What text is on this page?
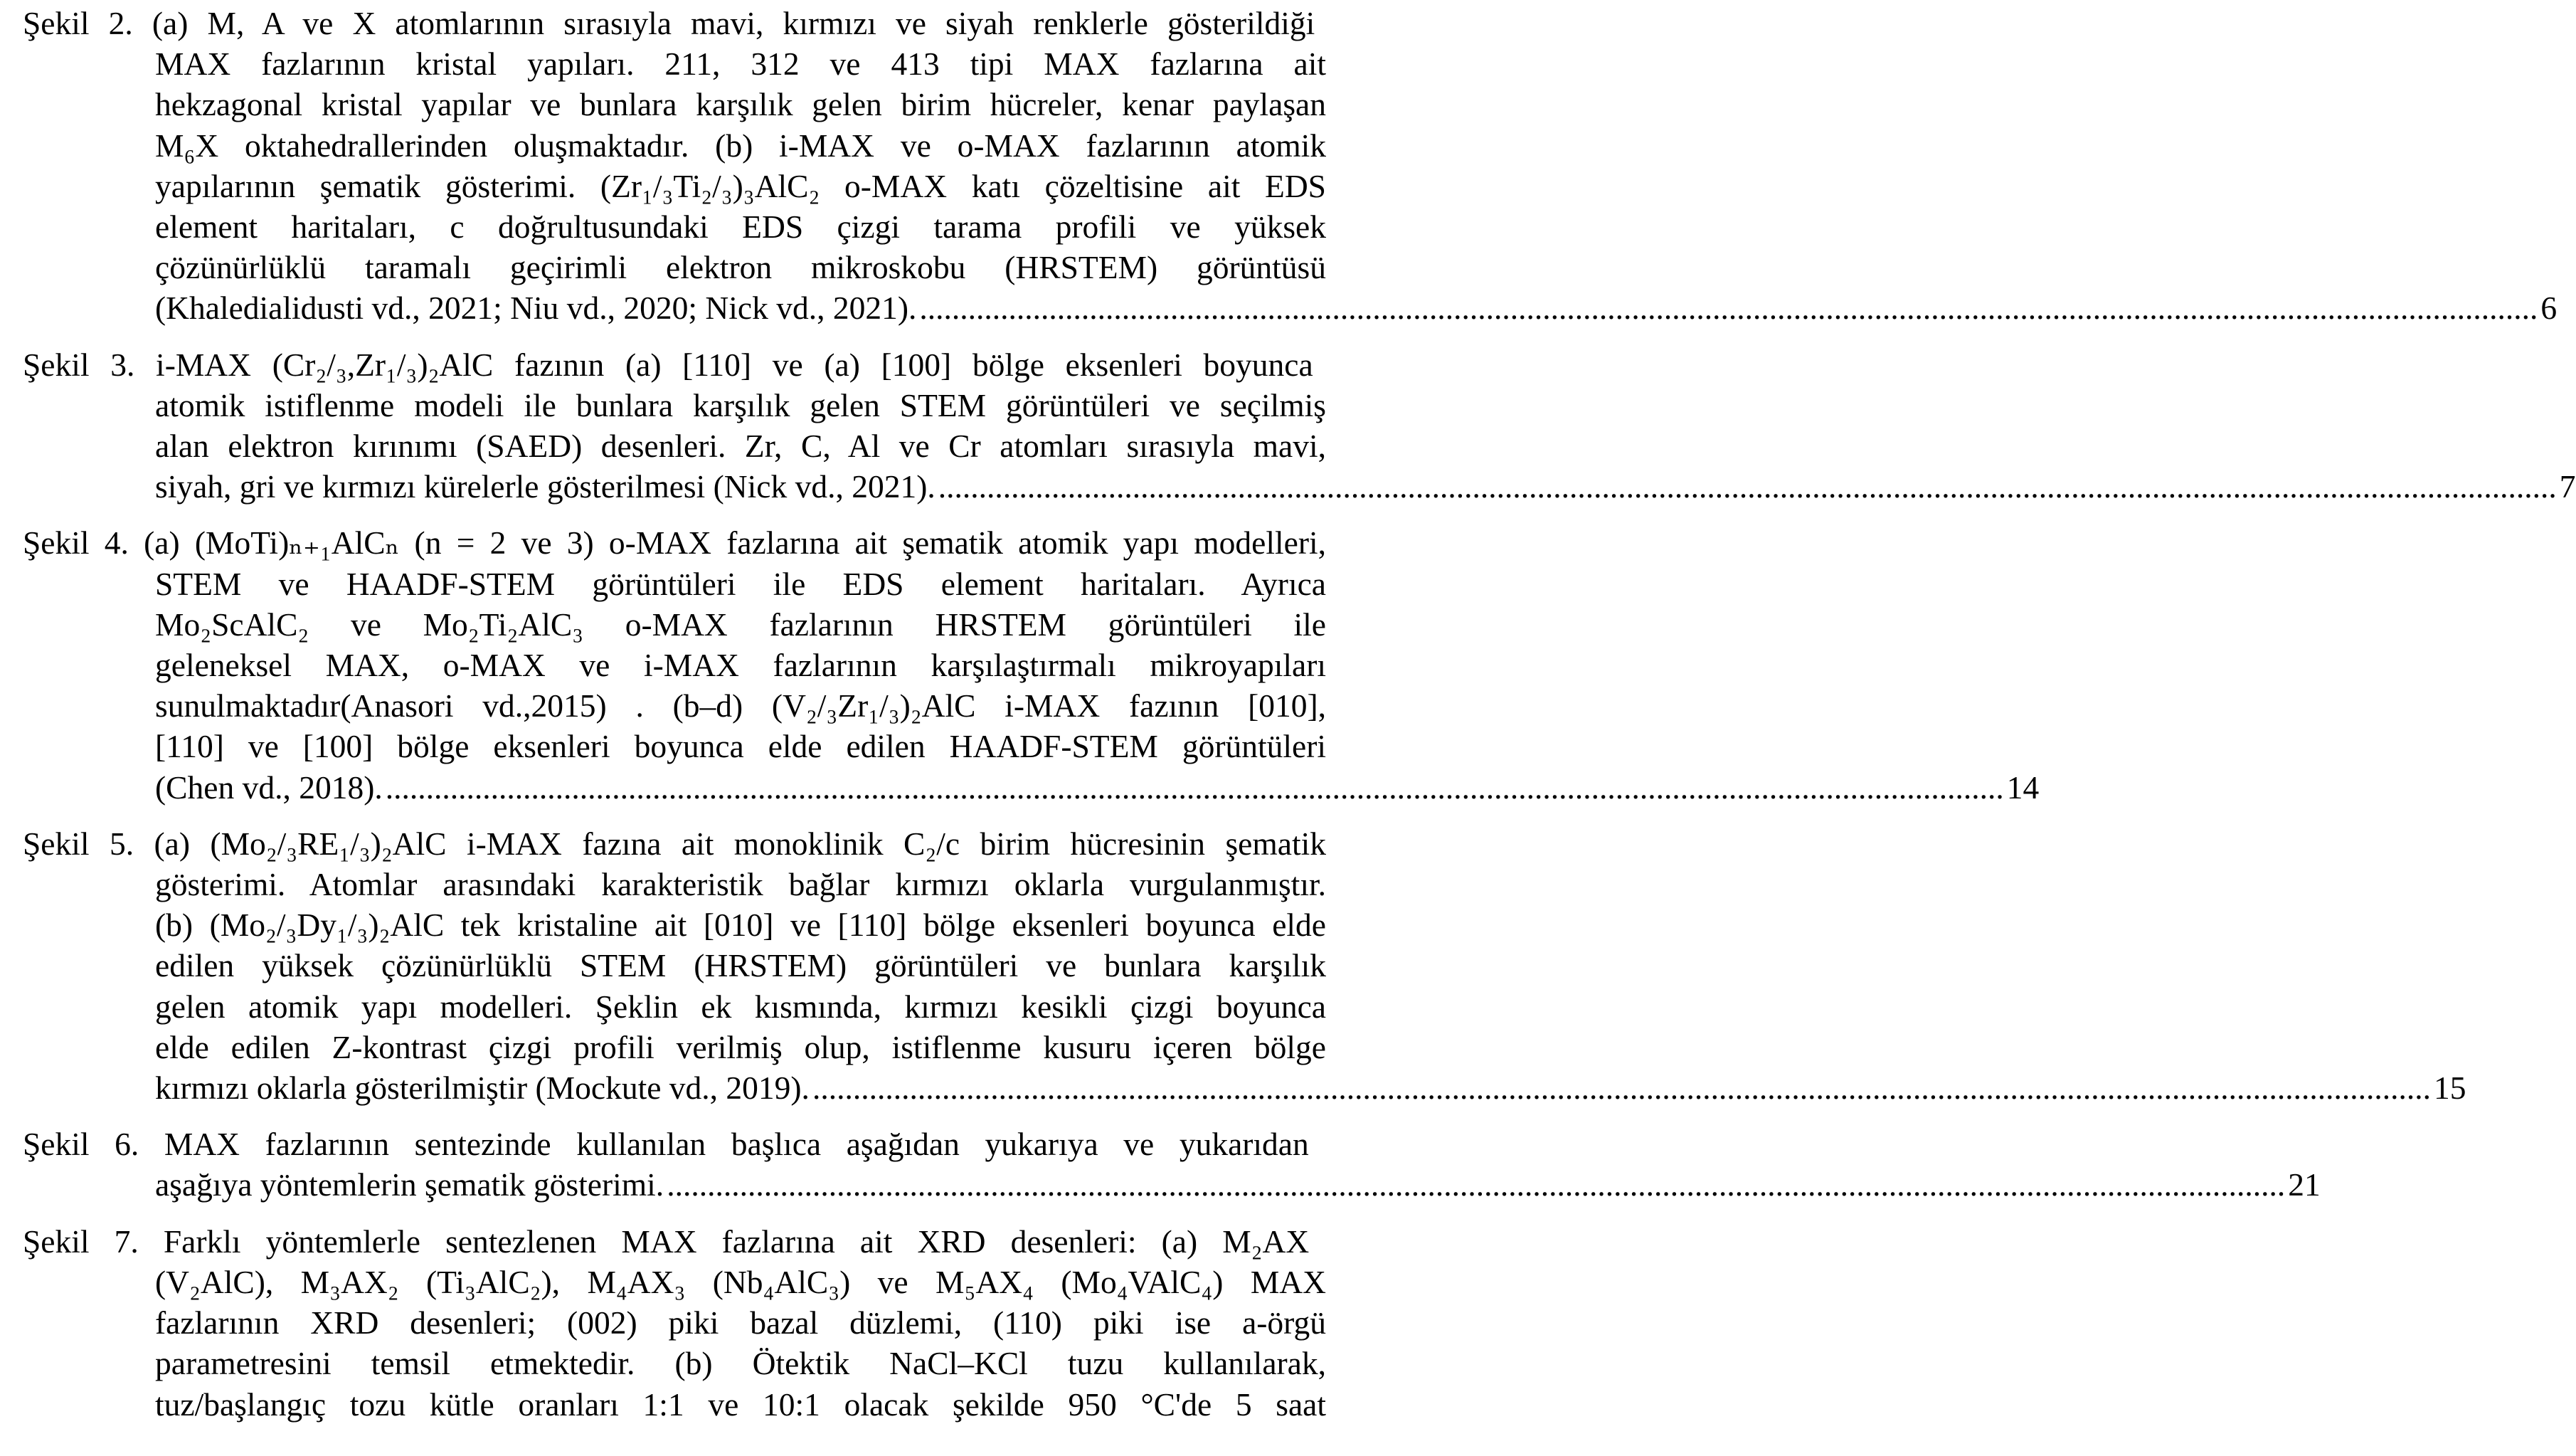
Şekil 2. (a) M, A ve X atomlarının sırasıyla mavi, kırmızı ve siyah renklerle gösterildiği
MAX fazlarının kristal yapıları. 211, 312 ve 413 tipi MAX fazlarına ait
hekzagonal kristal yapılar ve bunlara karşılık gelen birim hücreler, kenar paylaşan
M₆X oktahedrallerinden oluşmaktadır. (b) i-MAX ve o-MAX fazlarının atomik
yapılarının şematik gösterimi. (Zr₁/₃Ti₂/₃)₃AlC₂ o-MAX katı çözeltisine ait EDS
element haritaları, c doğrultusundaki EDS çizgi tarama profili ve yüksek
çözünürlüklü taramalı geçirimli elektron mikroskobu (HRSTEM) görüntüsü
(Khaledialidusti vd., 2021; Niu vd., 2020; Nick vd., 2021). ........................................................................................................................................................................................................ 6
Şekil 3. i-MAX (Cr₂/₃,Zr₁/₃)₂AlC fazının (a) [110] ve (a) [100] bölge eksenleri boyunca
atomik istiflenme modeli ile bunlara karşılık gelen STEM görüntüleri ve seçilmiş
alan elektron kırınımı (SAED) desenleri. Zr, C, Al ve Cr atomları sırasıyla mavi,
siyah, gri ve kırmızı kürelerle gösterilmesi (Nick vd., 2021). ........................................................................................................................................................................................................ 7
Şekil 4. (a) (MoTi)ₙ₊₁AlCₙ (n = 2 ve 3) o-MAX fazlarına ait şematik atomik yapı modelleri,
STEM ve HAADF-STEM görüntüleri ile EDS element haritaları. Ayrıca
Mo₂ScAlC₂ ve Mo₂Ti₂AlC₃ o-MAX fazlarının HRSTEM görüntüleri ile
geleneksel MAX, o-MAX ve i-MAX fazlarının karşılaştırmalı mikroyapıları
sunulmaktadır(Anasori vd.,2015) . (b–d) (V₂/₃Zr₁/₃)₂AlC i-MAX fazının [010],
[110] ve [100] bölge eksenleri boyunca elde edilen HAADF-STEM görüntüleri
(Chen vd., 2018). ........................................................................................................................................................................................................ 14
Şekil 5. (a) (Mo₂/₃RE₁/₃)₂AlC i-MAX fazına ait monoklinik C₂/c birim hücresinin şematik
gösterimi. Atomlar arasındaki karakteristik bağlar kırmızı oklarla vurgulanmıştır.
(b) (Mo₂/₃Dy₁/₃)₂AlC tek kristaline ait [010] ve [110] bölge eksenleri boyunca elde
edilen yüksek çözünürlüklü STEM (HRSTEM) görüntüleri ve bunlara karşılık
gelen atomik yapı modelleri. Şeklin ek kısmında, kırmızı kesikli çizgi boyunca
elde edilen Z-kontrast çizgi profili verilmiş olup, istiflenme kusuru içeren bölge
kırmızı oklarla gösterilmiştir (Mockute vd., 2019). ........................................................................................................................................................................................................ 15
Şekil 6. MAX fazlarının sentezinde kullanılan başlıca aşağıdan yukarıya ve yukarıdan
aşağıya yöntemlerin şematik gösterimi. ........................................................................................................................................................................................................ 21
Şekil 7. Farklı yöntemlerle sentezlenen MAX fazlarına ait XRD desenleri: (a) M₂AX
(V₂AlC), M₃AX₂ (Ti₃AlC₂), M₄AX₃ (Nb₄AlC₃) ve M₅AX₄ (Mo₄VAlC₄) MAX
fazlarının XRD desenleri; (002) piki bazal düzlemi, (110) piki ise a-örgü
parametresini temsil etmektedir. (b) Ötektik NaCl–KCl tuzu kullanılarak,
tuz/başlangıç tozu kütle oranları 1:1 ve 10:1 olacak şekilde 950 °C'de 5 saat
